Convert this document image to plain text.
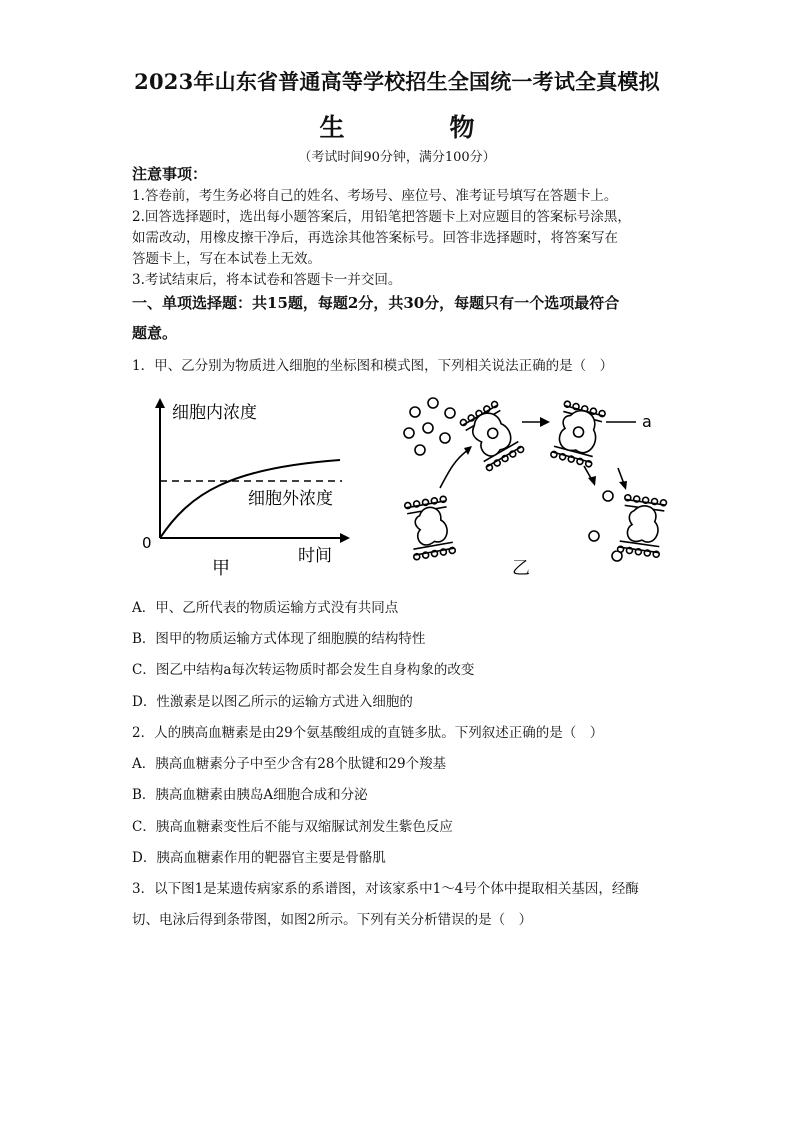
2023年山东省普通高等学校招生全国统一考试全真模拟
生　物
（考试时间90分钟，满分100分）
注意事项：
1.答卷前，考生务必将自己的姓名、考场号、座位号、准考证号填写在答题卡上。
2.回答选择题时，选出每小题答案后，用铅笔把答题卡上对应题目的答案标号涂黑，
如需改动，用橡皮擦干净后，再选涂其他答案标号。回答非选择题时，将答案写在
答题卡上，写在本试卷上无效。
3.考试结束后，将本试卷和答题卡一并交回。
一、单项选择题：共15题，每题2分，共30分，每题只有一个选项最符合
题意。
1．甲、乙分别为物质进入细胞的坐标图和模式图，下列相关说法正确的是（　）
细胞内浓度
细胞外浓度
0
时间
甲
a
乙
A．甲、乙所代表的物质运输方式没有共同点
B．图甲的物质运输方式体现了细胞膜的结构特性
C．图乙中结构a每次转运物质时都会发生自身构象的改变
D．性激素是以图乙所示的运输方式进入细胞的
2．人的胰高血糖素是由29个氨基酸组成的直链多肽。下列叙述正确的是（　）
A．胰高血糖素分子中至少含有28个肽键和29个羧基
B．胰高血糖素由胰岛A细胞合成和分泌
C．胰高血糖素变性后不能与双缩脲试剂发生紫色反应
D．胰高血糖素作用的靶器官主要是骨骼肌
3．以下图1是某遗传病家系的系谱图，对该家系中1～4号个体中提取相关基因，经酶
切、电泳后得到条带图，如图2所示。下列有关分析错误的是（　）
